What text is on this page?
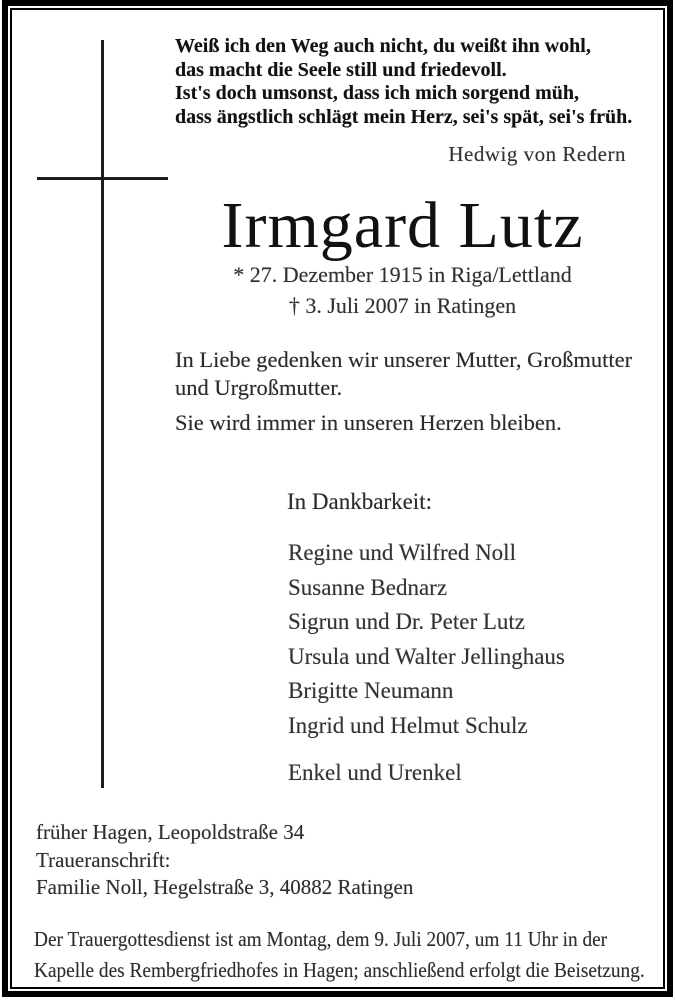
Weiß ich den Weg auch nicht, du weißt ihn wohl,
das macht die Seele still und friedevoll.
Ist's doch umsonst, dass ich mich sorgend müh,
dass ängstlich schlägt mein Herz, sei's spät, sei's früh.
Hedwig von Redern
Irmgard Lutz
* 27. Dezember 1915 in Riga/Lettland
† 3. Juli 2007 in Ratingen
In Liebe gedenken wir unserer Mutter, Großmutter
und Urgroßmutter.
Sie wird immer in unseren Herzen bleiben.
In Dankbarkeit:
Regine und Wilfred Noll
Susanne Bednarz
Sigrun und Dr. Peter Lutz
Ursula und Walter Jellinghaus
Brigitte Neumann
Ingrid und Helmut Schulz
Enkel und Urenkel
früher Hagen, Leopoldstraße 34
Traueranschrift:
Familie Noll, Hegelstraße 3, 40882 Ratingen
Der Trauergottesdienst ist am Montag, dem 9. Juli 2007, um 11 Uhr in der
Kapelle des Rembergfriedhofes in Hagen; anschließend erfolgt die Beisetzung.
